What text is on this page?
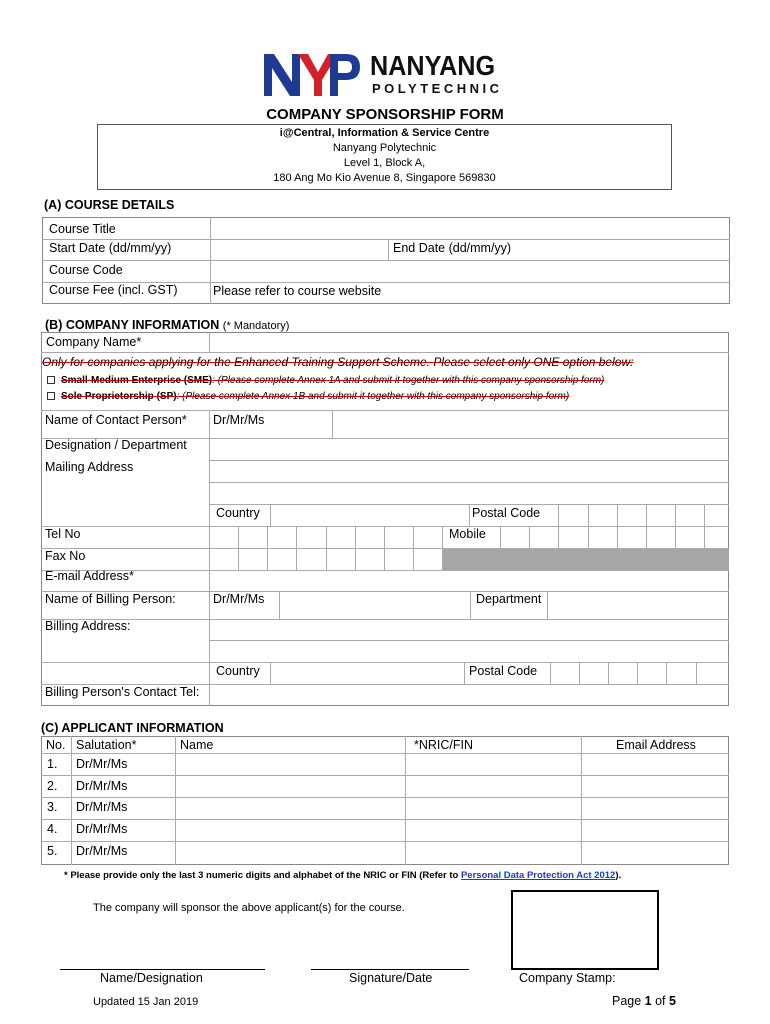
NANYANG
POLYTECHNIC
COMPANY SPONSORSHIP FORM
i@Central, Information & Service Centre
Nanyang Polytechnic
Level 1, Block A,
180 Ang Mo Kio Avenue 8, Singapore 569830
(A) COURSE DETAILS
Course Title
Start Date (dd/mm/yy)	End Date (dd/mm/yy)
Course Code
Course Fee (incl. GST)	Please refer to course website
(B) COMPANY INFORMATION (* Mandatory)
Company Name*
Only for companies applying for the Enhanced Training Support Scheme. Please select only ONE option below:
Small-Medium Enterprise (SME): (Please complete Annex 1A and submit it together with this company sponsorship form)
Sole Proprietorship (SP): (Please complete Annex 1B and submit it together with this company sponsorship form)
Name of Contact Person* Dr/Mr/Ms
Designation / Department
Mailing Address
Country	Postal Code
Tel No	Mobile
Fax No
E-mail Address*
Name of Billing Person:	Dr/Mr/Ms	Department
Billing Address:
Country	Postal Code
Billing Person's Contact Tel:
(C) APPLICANT INFORMATION
No. Salutation*	Name	*NRIC/FIN	Email Address
1. Dr/Mr/Ms
2. Dr/Mr/Ms
3. Dr/Mr/Ms
4. Dr/Mr/Ms
5. Dr/Mr/Ms
* Please provide only the last 3 numeric digits and alphabet of the NRIC or FIN (Refer to Personal Data Protection Act 2012).
The company will sponsor the above applicant(s) for the course.
Name/Designation	Signature/Date	Company Stamp:
Updated 15 Jan 2019	Page 1 of 5
